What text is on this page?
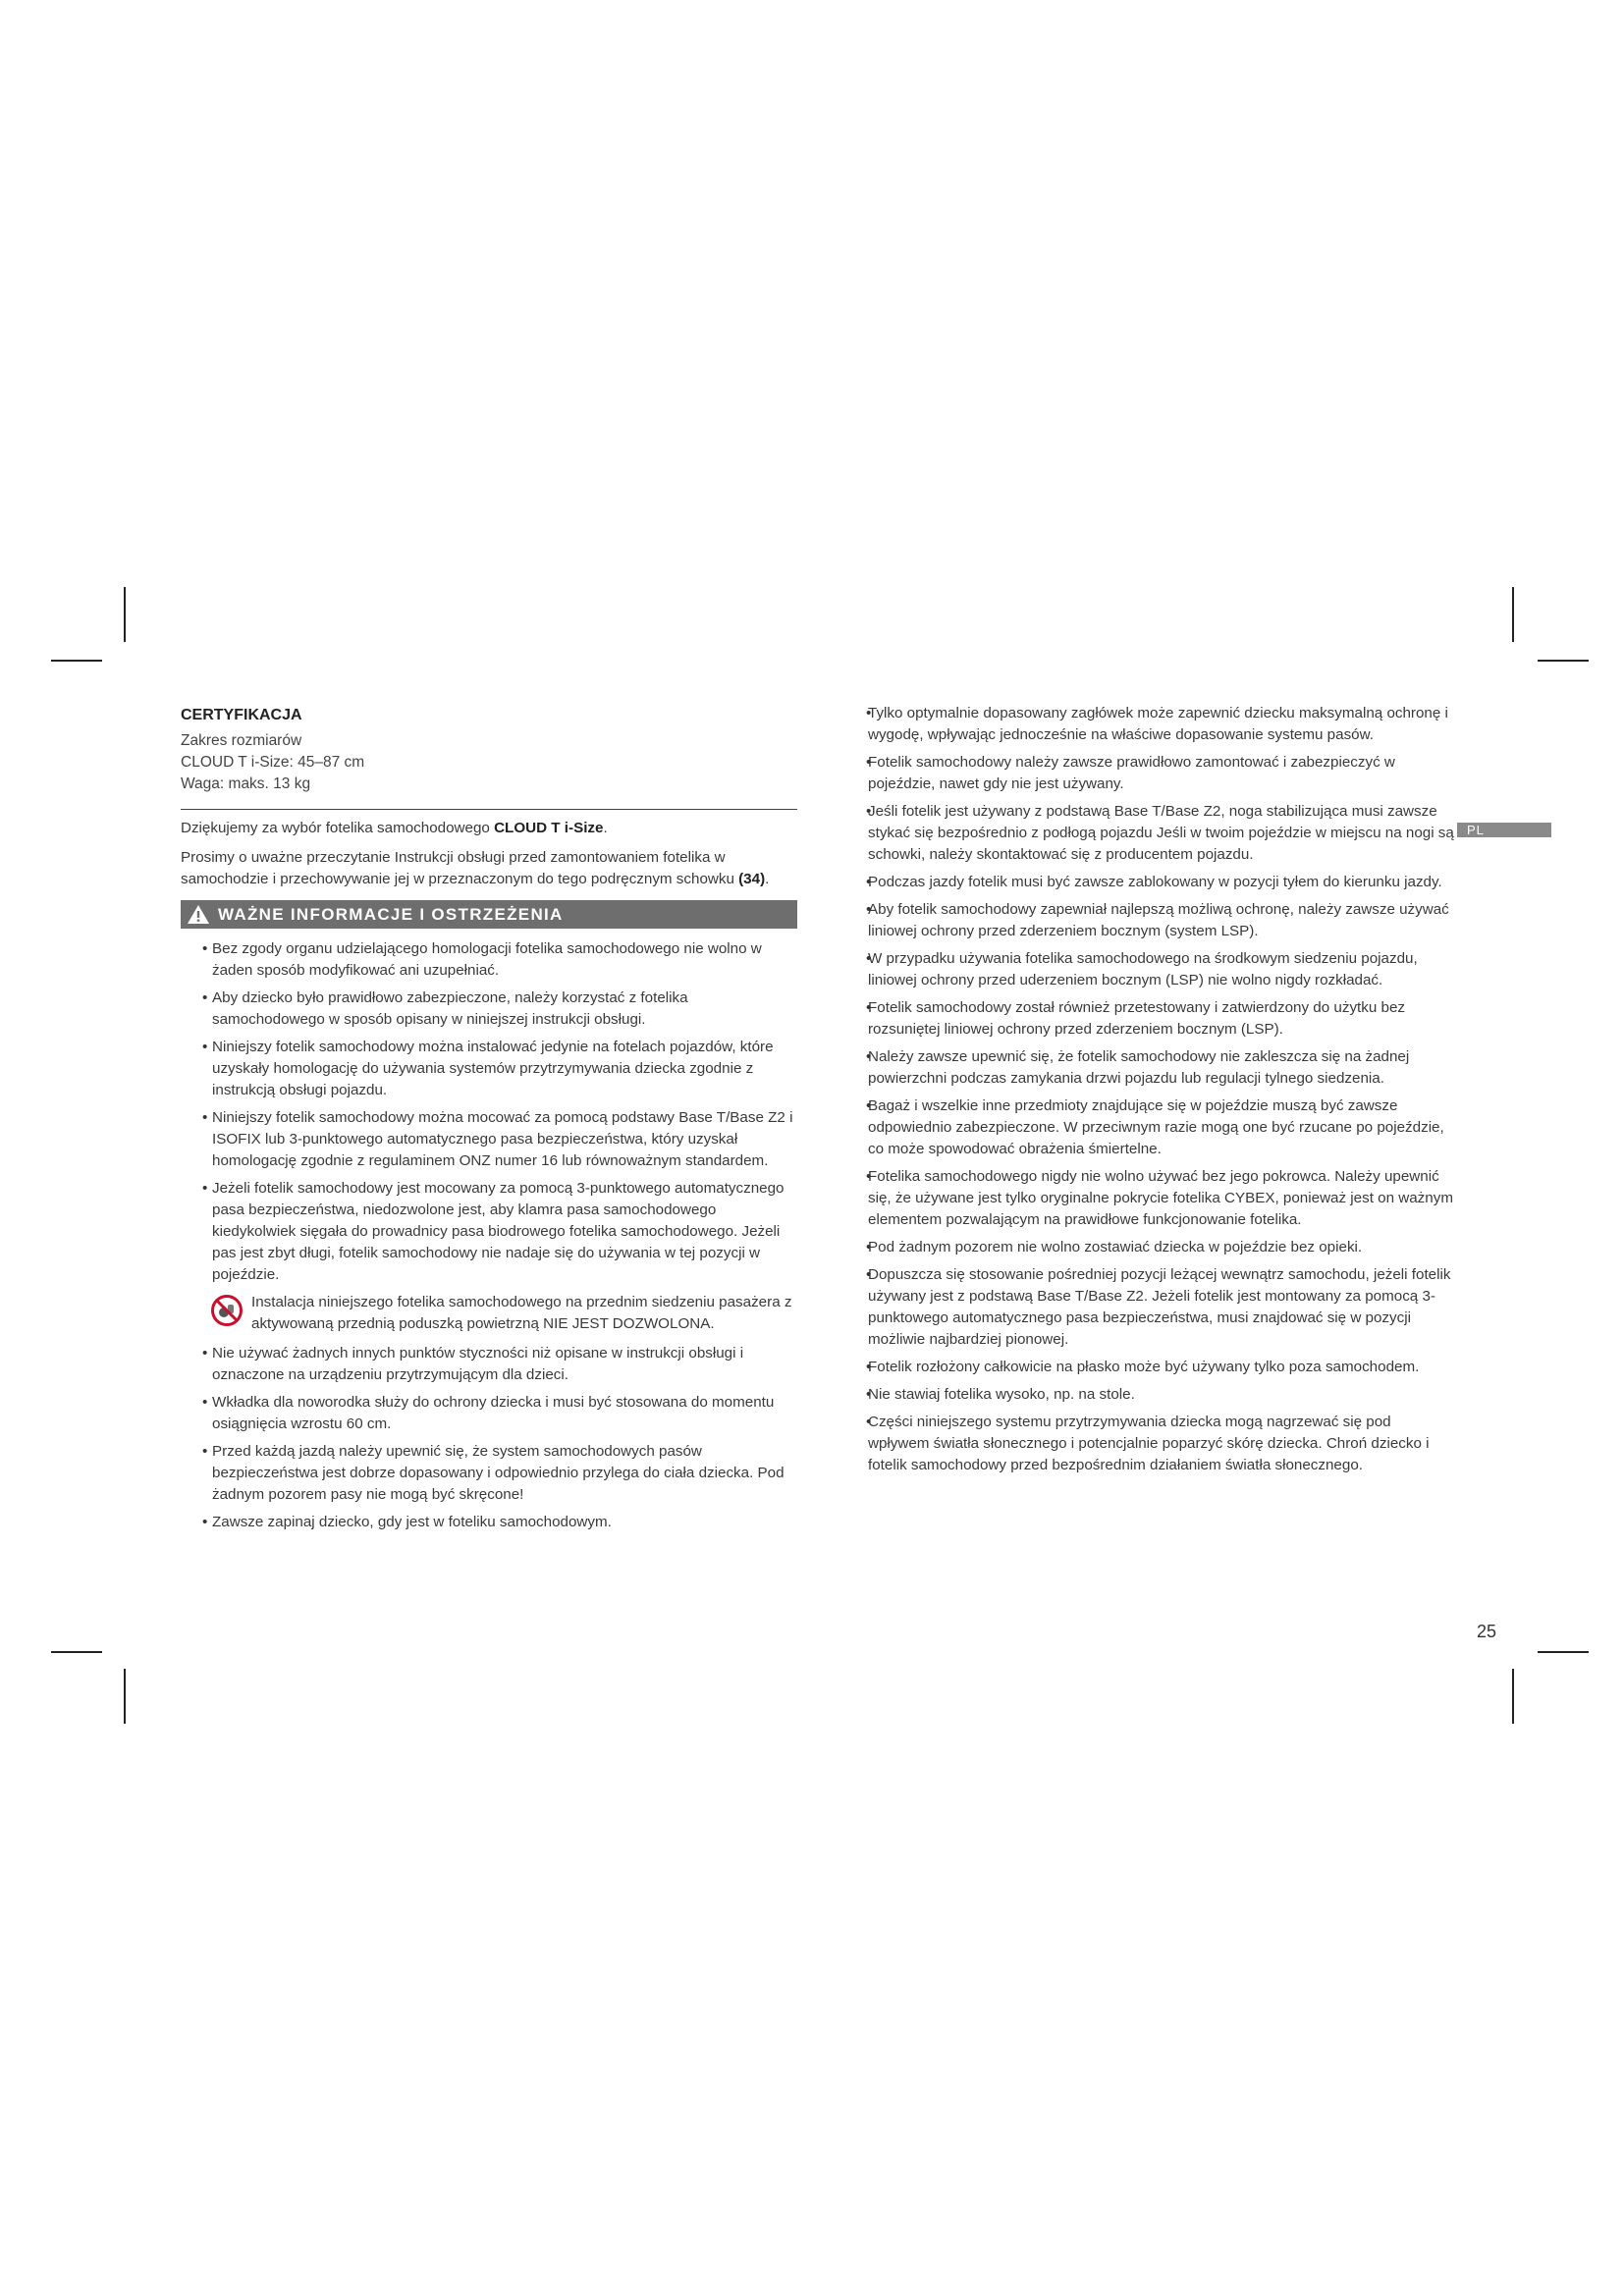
CERTYFIKACJA

Zakres rozmiarów

CLOUD T i-Size: 45–87 cm

Waga: maks. 13 kg

Dziękujemy za wybór fotelika samochodowego CLOUD T i-Size.

Prosimy o uważne przeczytanie Instrukcji obsługi przed zamontowaniem fotelika w samochodzie i przechowywanie jej w przeznaczonym do tego podręcznym schowku (34).

WAŻNE INFORMACJE I OSTRZEŻENIA
• Bez zgody organu udzielającego homologacji fotelika samochodowego nie wolno w żaden sposób modyfikować ani uzupełniać.
• Aby dziecko było prawidłowo zabezpieczone, należy korzystać z fotelika samochodowego w sposób opisany w niniejszej instrukcji obsługi.
• Niniejszy fotelik samochodowy można instalować jedynie na fotelach pojazdów, które uzyskały homologację do używania systemów przytrzymywania dziecka zgodnie z instrukcją obsługi pojazdu.
• Niniejszy fotelik samochodowy można mocować za pomocą podstawy Base T/Base Z2 i ISOFIX lub 3-punktowego automatycznego pasa bezpieczeństwa, który uzyskał homologację zgodnie z regulaminem ONZ numer 16 lub równoważnym standardem.
• Jeżeli fotelik samochodowy jest mocowany za pomocą 3-punktowego automatycznego pasa bezpieczeństwa, niedozwolone jest, aby klamra pasa samochodowego kiedykolwiek sięgała do prowadnicy pasa biodrowego fotelika samochodowego. Jeżeli pas jest zbyt długi, fotelik samochodowy nie nadaje się do używania w tej pozycji w pojeździe.
Instalacja niniejszego fotelika samochodowego na przednim siedzeniu pasażera z aktywowaną przednią poduszką powietrzną NIE JEST DOZWOLONA.
• Nie używać żadnych innych punktów styczności niż opisane w instrukcji obsługi i oznaczone na urządzeniu przytrzymującym dla dzieci.
• Wkładka dla noworodka służy do ochrony dziecka i musi być stosowana do momentu osiągnięcia wzrostu 60 cm.
• Przed każdą jazdą należy upewnić się, że system samochodowych pasów bezpieczeństwa jest dobrze dopasowany i odpowiednio przylega do ciała dziecka. Pod żadnym pozorem pasy nie mogą być skręcone!
• Zawsze zapinaj dziecko, gdy jest w foteliku samochodowym.
• Tylko optymalnie dopasowany zagłówek może zapewnić dziecku maksymalną ochronę i wygodę, wpływając jednocześnie na właściwe dopasowanie systemu pasów.
• Fotelik samochodowy należy zawsze prawidłowo zamontować i zabezpieczyć w pojeździe, nawet gdy nie jest używany.
• Jeśli fotelik jest używany z podstawą Base T/Base Z2, noga stabilizująca musi zawsze stykać się bezpośrednio z podłogą pojazdu Jeśli w twoim pojeździe w miejscu na nogi są schowki, należy skontaktować się z producentem pojazdu.
• Podczas jazdy fotelik musi być zawsze zablokowany w pozycji tyłem do kierunku jazdy.
• Aby fotelik samochodowy zapewniał najlepszą możliwą ochronę, należy zawsze używać liniowej ochrony przed zderzeniem bocznym (system LSP).
• W przypadku używania fotelika samochodowego na środkowym siedzeniu pojazdu, liniowej ochrony przed uderzeniem bocznym (LSP) nie wolno nigdy rozkładać.
• Fotelik samochodowy został również przetestowany i zatwierdzony do użytku bez rozsuniętej liniowej ochrony przed zderzeniem bocznym (LSP).
• Należy zawsze upewnić się, że fotelik samochodowy nie zakleszcza się na żadnej powierzchni podczas zamykania drzwi pojazdu lub regulacji tylnego siedzenia.
• Bagaż i wszelkie inne przedmioty znajdujące się w pojeździe muszą być zawsze odpowiednio zabezpieczone. W przeciwnym razie mogą one być rzucane po pojeździe, co może spowodować obrażenia śmiertelne.
• Fotelika samochodowego nigdy nie wolno używać bez jego pokrowca. Należy upewnić się, że używane jest tylko oryginalne pokrycie fotelika CYBEX, ponieważ jest on ważnym elementem pozwalającym na prawidłowe funkcjonowanie fotelika.
• Pod żadnym pozorem nie wolno zostawiać dziecka w pojeździe bez opieki.
• Dopuszcza się stosowanie pośredniej pozycji leżącej wewnątrz samochodu, jeżeli fotelik używany jest z podstawą Base T/Base Z2. Jeżeli fotelik jest montowany za pomocą 3-punktowego automatycznego pasa bezpieczeństwa, musi znajdować się w pozycji możliwie najbardziej pionowej.
• Fotelik rozłożony całkowicie na płasko może być używany tylko poza samochodem.
• Nie stawiaj fotelika wysoko, np. na stole.
• Części niniejszego systemu przytrzymywania dziecka mogą nagrzewać się pod wpływem światła słonecznego i potencjalnie poparzyć skórę dziecka. Chroń dziecko i fotelik samochodowy przed bezpośrednim działaniem światła słonecznego.
PL
25
